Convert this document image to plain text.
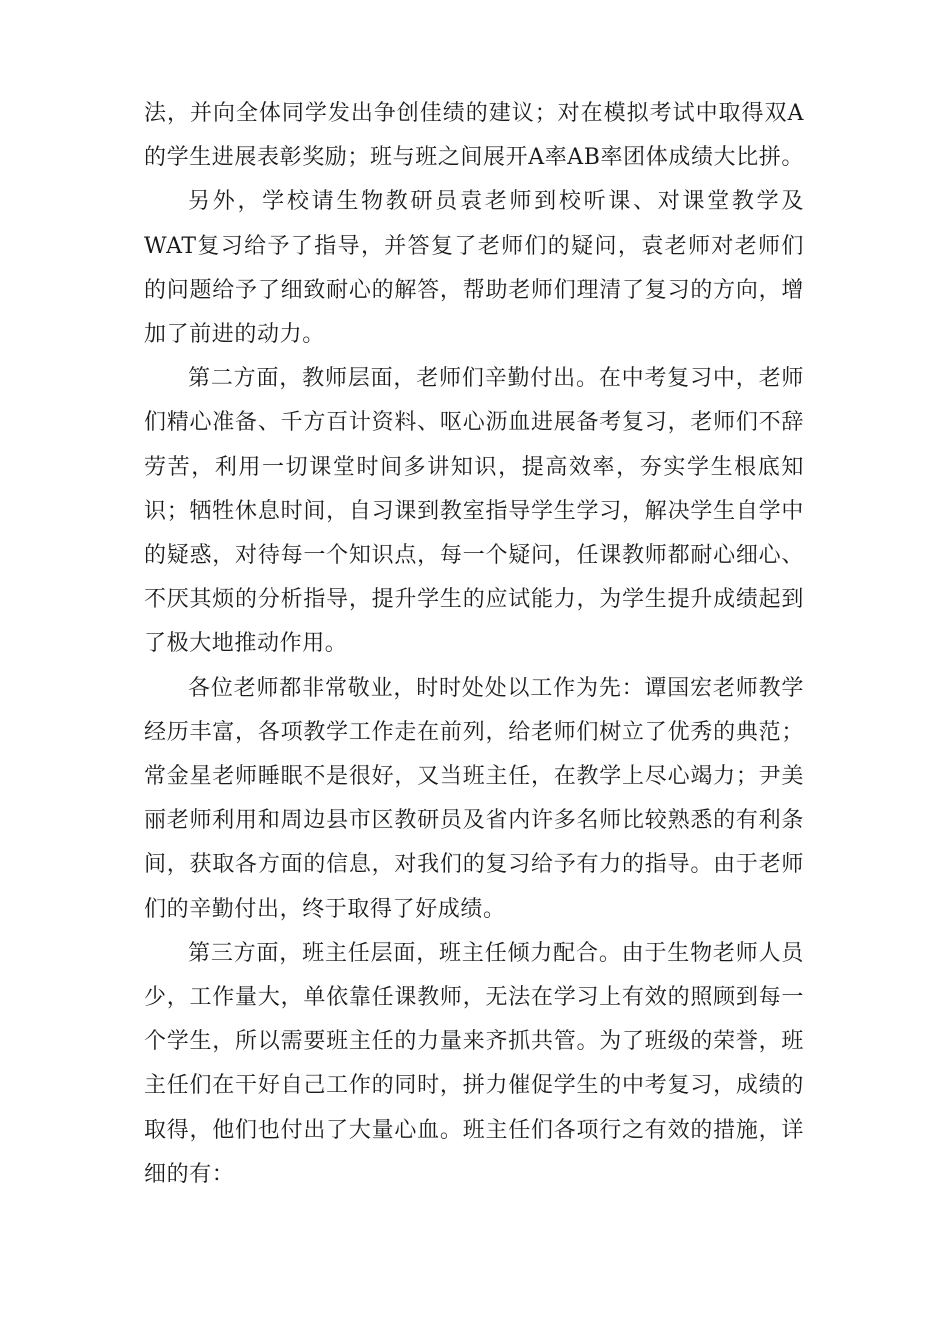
法，并向全体同学发出争创佳绩的建议；对在模拟考试中取得双A的学生进展表彰奖励；班与班之间展开A率AB率团体成绩大比拼。

另外，学校请生物教研员袁老师到校听课、对课堂教学及WAT复习给予了指导，并答复了老师们的疑问，袁老师对老师们的问题给予了细致耐心的解答，帮助老师们理清了复习的方向，增加了前进的动力。

第二方面，教师层面，老师们辛勤付出。在中考复习中，老师们精心准备、千方百计资料、呕心沥血进展备考复习，老师们不辞劳苦，利用一切课堂时间多讲知识，提高效率，夯实学生根底知识；牺牲休息时间，自习课到教室指导学生学习，解决学生自学中的疑惑，对待每一个知识点，每一个疑问，任课教师都耐心细心、不厌其烦的分析指导，提升学生的应试能力，为学生提升成绩起到了极大地推动作用。

各位老师都非常敬业，时时处处以工作为先：谭国宏老师教学经历丰富，各项教学工作走在前列，给老师们树立了优秀的典范；常金星老师睡眠不是很好，又当班主任，在教学上尽心竭力；尹美丽老师利用和周边县市区教研员及省内许多名师比较熟悉的有利条间，获取各方面的信息，对我们的复习给予有力的指导。由于老师们的辛勤付出，终于取得了好成绩。

第三方面，班主任层面，班主任倾力配合。由于生物老师人员少，工作量大，单依靠任课教师，无法在学习上有效的照顾到每一个学生，所以需要班主任的力量来齐抓共管。为了班级的荣誉，班主任们在干好自己工作的同时，拼力催促学生的中考复习，成绩的取得，他们也付出了大量心血。班主任们各项行之有效的措施，详细的有：
